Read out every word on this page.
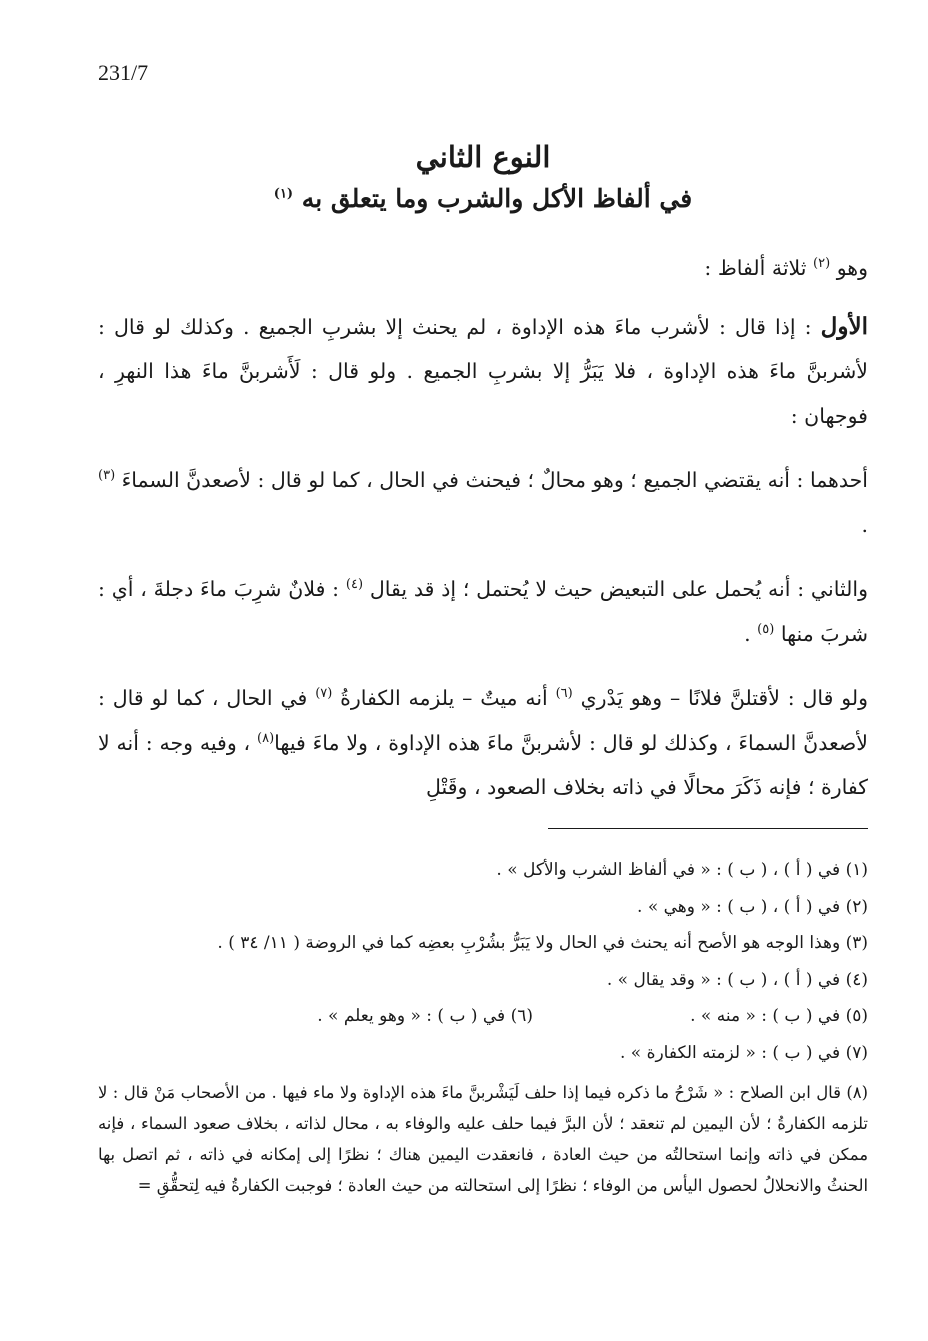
231/7
النوع الثاني
في ألفاظ الأكل والشرب وما يتعلق به $^{(١)}$

وهو $^{(٢)}$ ثلاثة ألفاظ :

الأول : إذا قال : لأشرب ماءَ هذه الإداوة ، لم يحنث إلا بشربِ الجميع . وكذلك لو قال : لأشربنَّ ماءَ هذه الإداوة ، فلا يَبَرُّ إلا بشربِ الجميع . ولو قال : لَأَشربنَّ ماءَ هذا النهرِ ، فوجهان :

أحدهما : أنه يقتضي الجميع ؛ وهو محالٌ ؛ فيحنث في الحال ، كما لو قال : لأصعدنَّ السماءَ $^{(٣)}$ .

والثاني : أنه يُحمل على التبعيض حيث لا يُحتمل ؛ إذ قد يقال $^{(٤)}$ : فلانٌ شرِبَ ماءَ دجلةَ ، أي : شربَ منها $^{(٥)}$ .

ولو قال : لأقتلنَّ فلانًا – وهو يَدْري $^{(٦)}$ أنه ميتٌ – يلزمه الكفارةُ $^{(٧)}$ في الحال ، كما لو قال : لأصعدنَّ السماءَ ، وكذلك لو قال : لأشربنَّ ماءَ هذه الإداوة ، ولا ماءَ فيها$^{(٨)}$ ، وفيه وجه : أنه لا كفارة ؛ فإنه ذَكَرَ محالًا في ذاته بخلاف الصعود ، وقَتْلِ

(١) في ( أ ) ، ( ب ) : « في ألفاظ الشرب والأكل » .
(٢) في ( أ ) ، ( ب ) : « وهي » .
(٣) وهذا الوجه هو الأصح أنه يحنث في الحال ولا يَبَرُّ بشُرْبِ بعضِه كما في الروضة ( ١١/ ٣٤ ) .
(٤) في ( أ ) ، ( ب ) : « وقد يقال » .
(٥) في ( ب ) : « منه » .
(٦) في ( ب ) : « وهو يعلم » .
(٧) في ( ب ) : « لزمته الكفارة » .
(٨) قال ابن الصلاح : « شَرْحُ ما ذكره فيما إذا حلف لَيَشْربنَّ ماءَ هذه الإداوة ولا ماء فيها . من الأصحاب مَنْ قال : لا تلزمه الكفارةُ ؛ لأن اليمين لم تنعقد ؛ لأن البرَّ فيما حلف عليه والوفاء به ، محال لذاته ، بخلاف صعود السماء ، فإنه ممكن في ذاته وإنما استحالتُه من حيث العادة ، فانعقدت اليمين هناك ؛ نظرًا إلى إمكانه في ذاته ، ثم اتصل بها الحنثُ والانحلالُ لحصول اليأس من الوفاء ؛ نظرًا إلى استحالته من حيث العادة ؛ فوجبت الكفارةُ فيه لِتحقُّقِ =
